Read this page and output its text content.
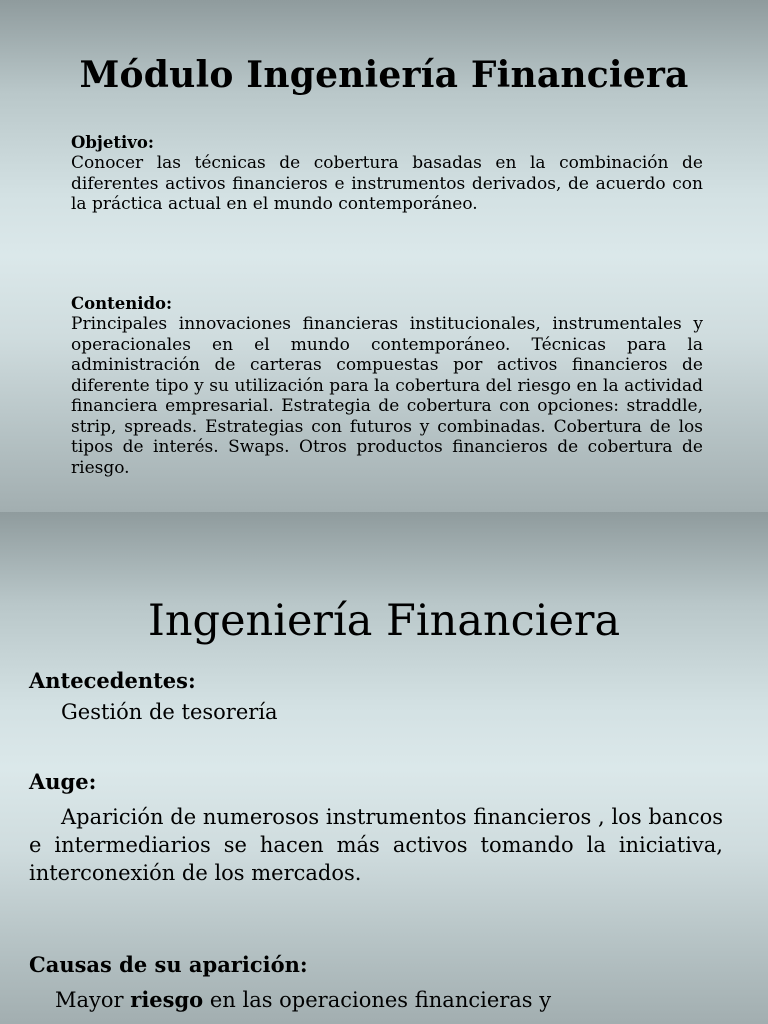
Módulo Ingeniería Financiera
Objetivo:
Conocer las técnicas de cobertura basadas en la combinación de diferentes activos financieros e instrumentos derivados, de acuerdo con la práctica actual en el mundo contemporáneo.
Contenido:
Principales innovaciones financieras institucionales, instrumentales y operacionales en el mundo contemporáneo. Técnicas para la administración de carteras compuestas por activos financieros de diferente tipo y su utilización para la cobertura del riesgo en la actividad financiera empresarial. Estrategia de cobertura con opciones: straddle, strip, spreads. Estrategias con futuros y combinadas. Cobertura de los tipos de interés. Swaps. Otros productos financieros de cobertura de riesgo.
Ingeniería Financiera
Antecedentes:
Gestión de tesorería
Auge:
Aparición de numerosos instrumentos financieros , los bancos e intermediarios se hacen más activos tomando la iniciativa, interconexión de los mercados.
Causas de su aparición:
Mayor riesgo en las operaciones financieras y
